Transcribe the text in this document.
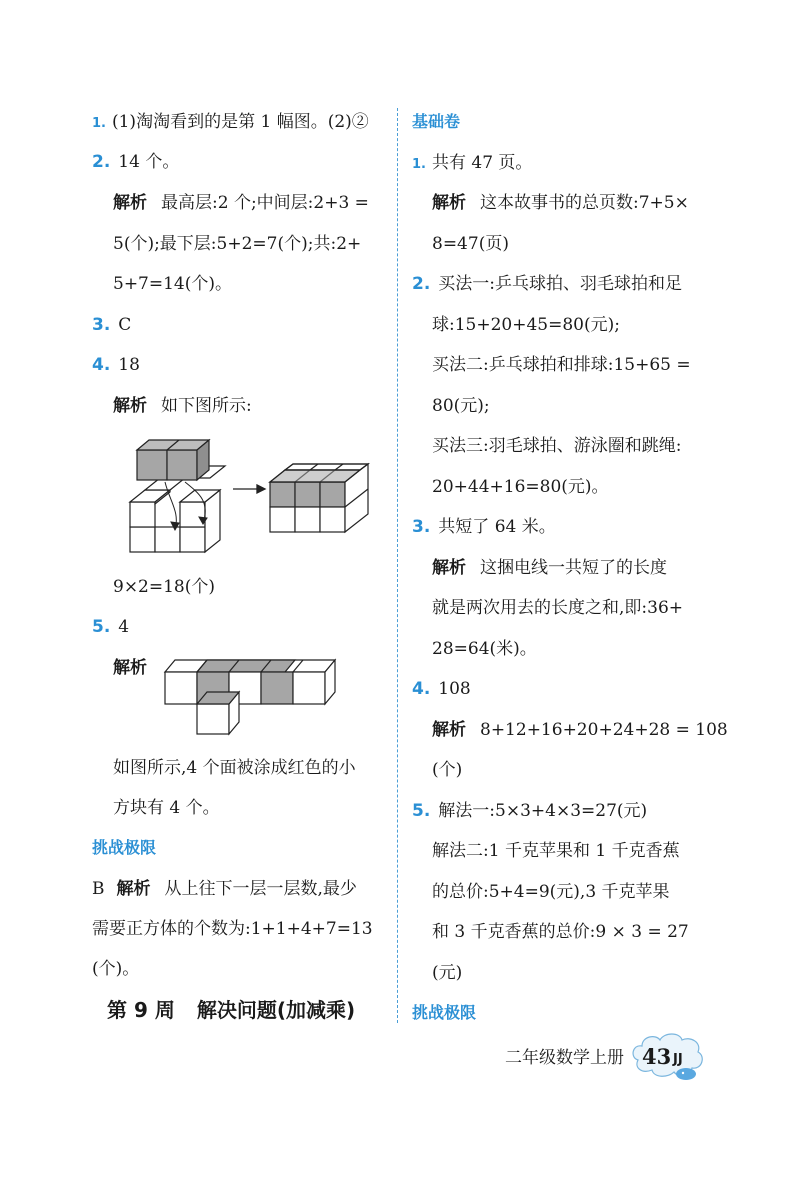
1. (1)淘淘看到的是第 1 幅图。(2)②
2. 14 个。
解析 最高层:2 个;中间层:2+3 =
5(个);最下层:5+2=7(个);共:2+
5+7=14(个)。
3. C
4. 18
解析 如下图所示:
9×2=18(个)
5. 4
解析
如图所示,4 个面被涂成红色的小
方块有 4 个。
挑战极限
B 解析 从上往下一层一层数,最少
需要正方体的个数为:1+1+4+7=13
(个)。
第 9 周 解决问题(加减乘)
基础卷
1. 共有 47 页。
解析 这本故事书的总页数:7+5×
8=47(页)
2. 买法一:乒乓球拍、羽毛球拍和足
球:15+20+45=80(元);
买法二:乒乓球拍和排球:15+65 =
80(元);
买法三:羽毛球拍、游泳圈和跳绳:
20+44+16=80(元)。
3. 共短了 64 米。
解析 这捆电线一共短了的长度
就是两次用去的长度之和,即:36+
28=64(米)。
4. 108
解析 8+12+16+20+24+28 = 108
(个)
5. 解法一:5×3+4×3=27(元)
解法二:1 千克苹果和 1 千克香蕉
的总价:5+4=9(元),3 千克苹果
和 3 千克香蕉的总价:9 × 3 = 27
(元)
挑战极限
二年级数学上册 43 JJ
